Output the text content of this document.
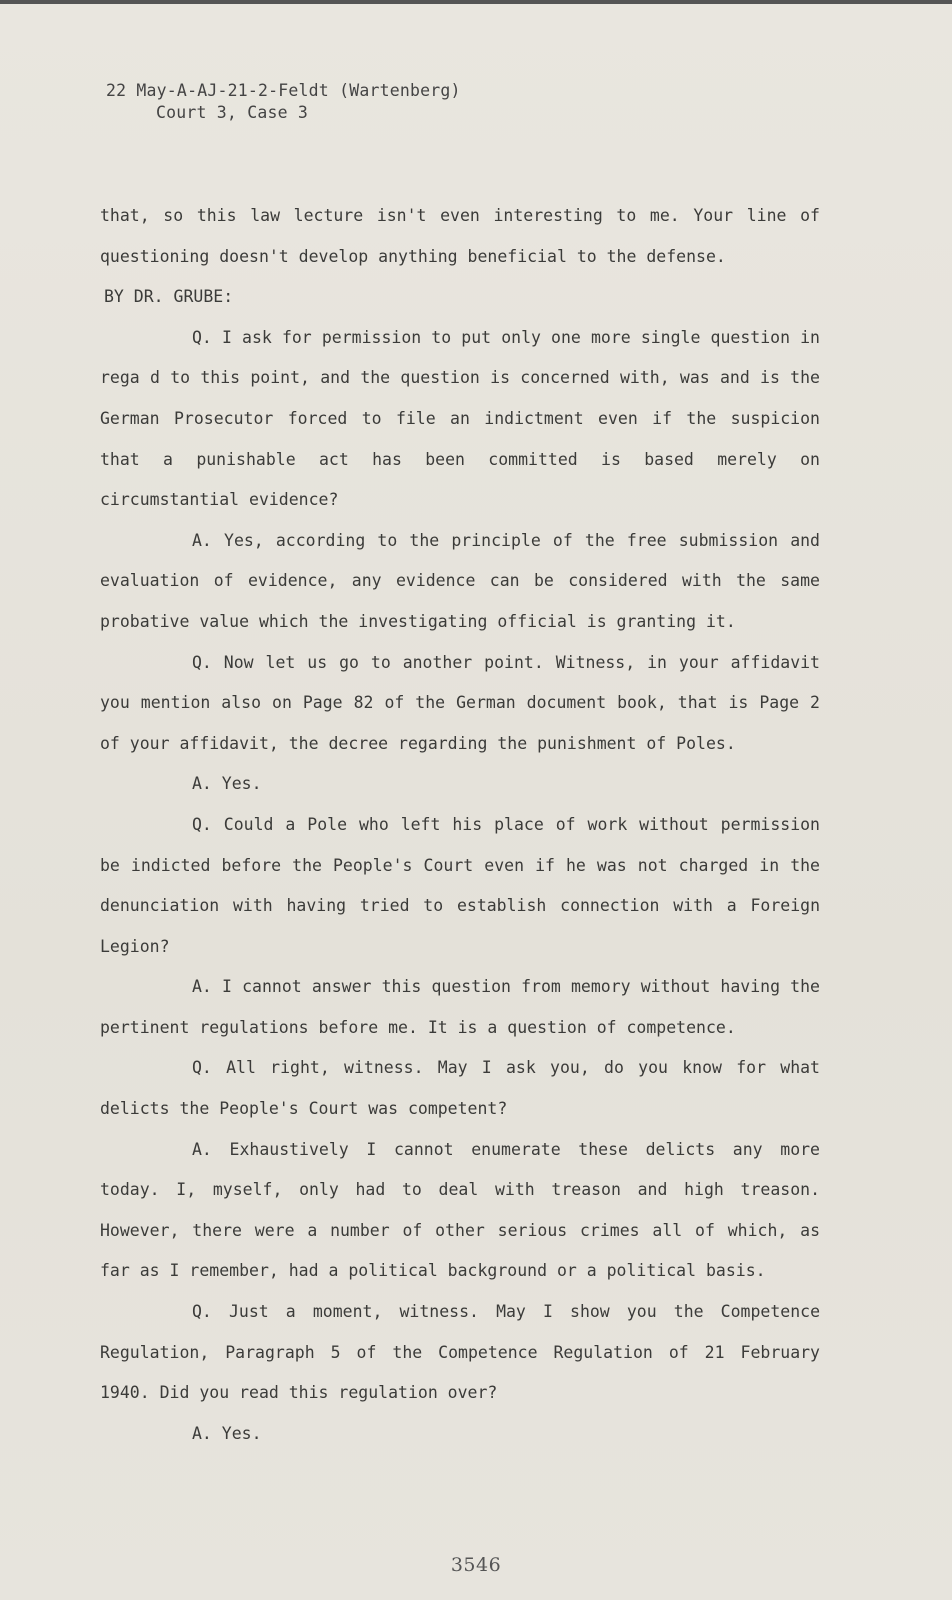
22 May-A-AJ-21-2-Feldt (Wartenberg)
Court 3, Case 3

that, so this law lecture isn't even interesting to me. Your line of questioning doesn't develop anything beneficial to the defense.

BY DR. GRUBE:

Q. I ask for permission to put only one more single question in rega d to this point, and the question is concerned with, was and is the German Prosecutor forced to file an indictment even if the suspicion that a punishable act has been committed is based merely on circumstantial evidence?

A. Yes, according to the principle of the free submission and evaluation of evidence, any evidence can be considered with the same probative value which the investigating official is granting it.

Q. Now let us go to another point. Witness, in your affidavit you mention also on Page 82 of the German document book, that is Page 2 of your affidavit, the decree regarding the punishment of Poles.

A. Yes.

Q. Could a Pole who left his place of work without permission be indicted before the People's Court even if he was not charged in the denunciation with having tried to establish connection with a Foreign Legion?

A. I cannot answer this question from memory without having the pertinent regulations before me. It is a question of competence.

Q. All right, witness. May I ask you, do you know for what delicts the People's Court was competent?

A. Exhaustively I cannot enumerate these delicts any more today. I, myself, only had to deal with treason and high treason. However, there were a number of other serious crimes all of which, as far as I remember, had a political background or a political basis.

Q. Just a moment, witness. May I show you the Competence Regulation, Paragraph 5 of the Competence Regulation of 21 February 1940. Did you read this regulation over?

A. Yes.

3546
